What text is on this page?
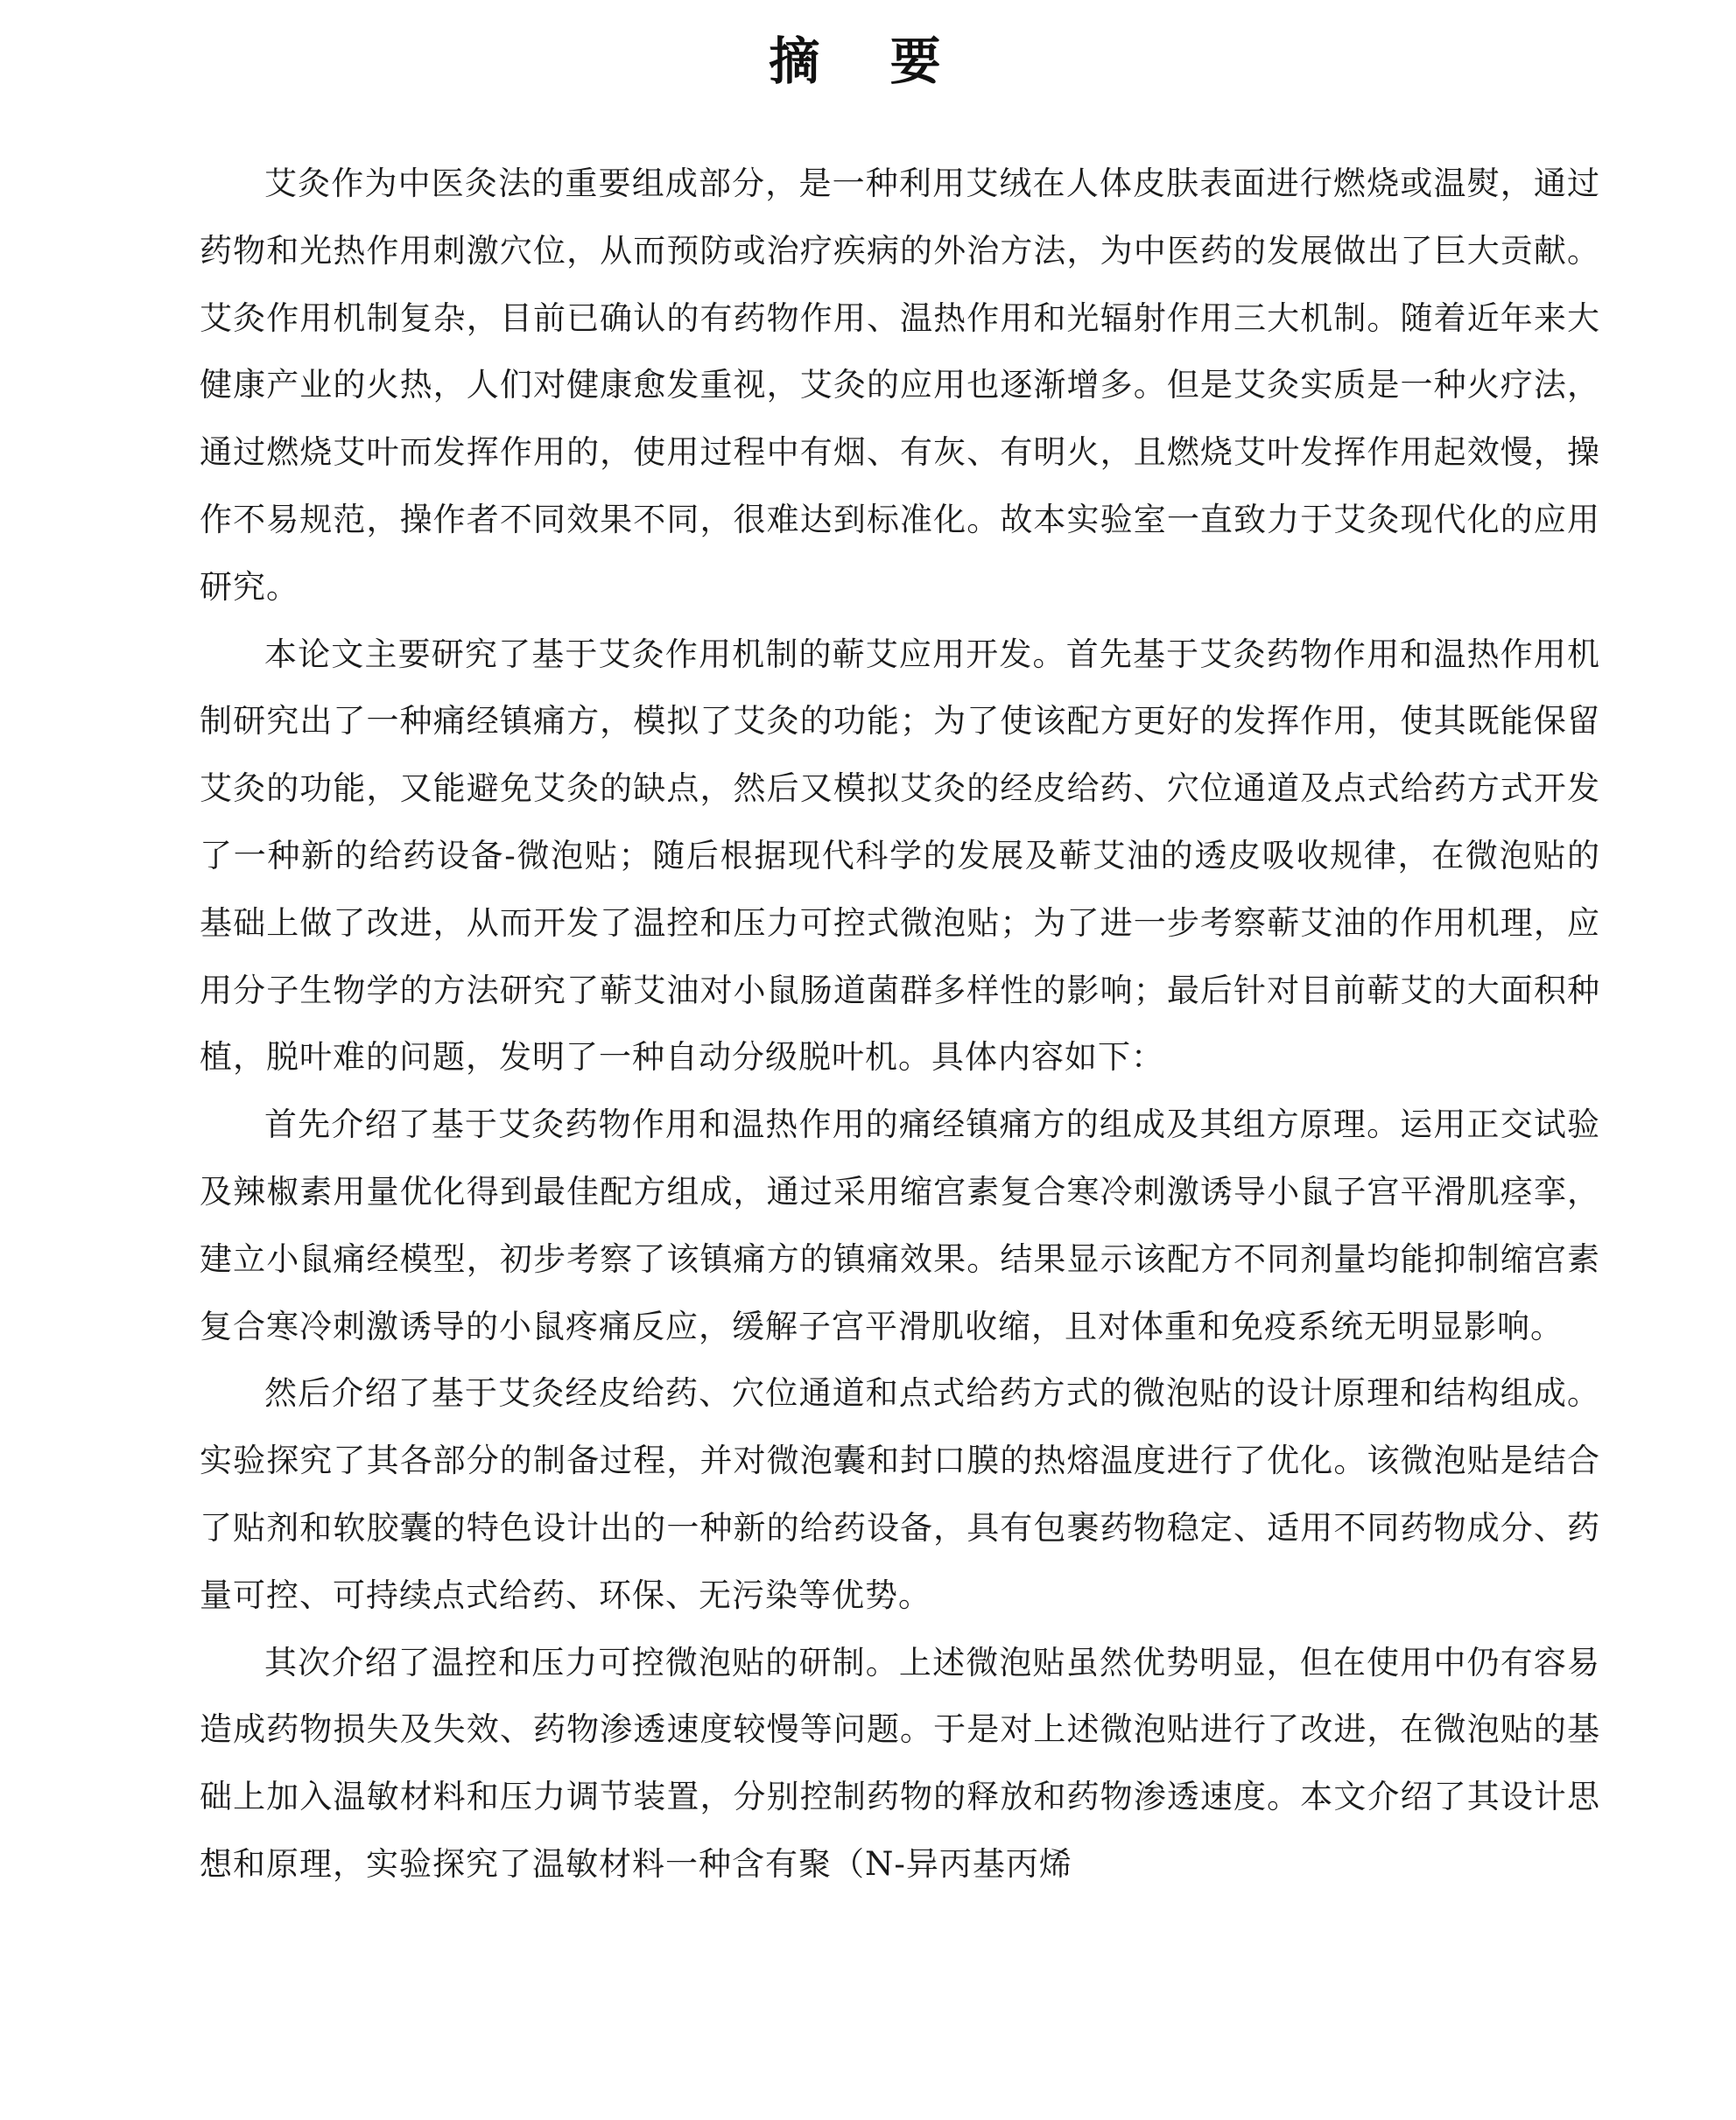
摘 要

艾灸作为中医灸法的重要组成部分，是一种利用艾绒在人体皮肤表面进行燃烧或温熨，通过药物和光热作用刺激穴位，从而预防或治疗疾病的外治方法，为中医药的发展做出了巨大贡献。艾灸作用机制复杂，目前已确认的有药物作用、温热作用和光辐射作用三大机制。随着近年来大健康产业的火热，人们对健康愈发重视，艾灸的应用也逐渐增多。但是艾灸实质是一种火疗法，通过燃烧艾叶而发挥作用的，使用过程中有烟、有灰、有明火，且燃烧艾叶发挥作用起效慢，操作不易规范，操作者不同效果不同，很难达到标准化。故本实验室一直致力于艾灸现代化的应用研究。

本论文主要研究了基于艾灸作用机制的蕲艾应用开发。首先基于艾灸药物作用和温热作用机制研究出了一种痛经镇痛方，模拟了艾灸的功能；为了使该配方更好的发挥作用，使其既能保留艾灸的功能，又能避免艾灸的缺点，然后又模拟艾灸的经皮给药、穴位通道及点式给药方式开发了一种新的给药设备-微泡贴；随后根据现代科学的发展及蕲艾油的透皮吸收规律，在微泡贴的基础上做了改进，从而开发了温控和压力可控式微泡贴；为了进一步考察蕲艾油的作用机理，应用分子生物学的方法研究了蕲艾油对小鼠肠道菌群多样性的影响；最后针对目前蕲艾的大面积种植，脱叶难的问题，发明了一种自动分级脱叶机。具体内容如下：

首先介绍了基于艾灸药物作用和温热作用的痛经镇痛方的组成及其组方原理。运用正交试验及辣椒素用量优化得到最佳配方组成，通过采用缩宫素复合寒冷刺激诱导小鼠子宫平滑肌痉挛，建立小鼠痛经模型，初步考察了该镇痛方的镇痛效果。结果显示该配方不同剂量均能抑制缩宫素复合寒冷刺激诱导的小鼠疼痛反应，缓解子宫平滑肌收缩，且对体重和免疫系统无明显影响。

然后介绍了基于艾灸经皮给药、穴位通道和点式给药方式的微泡贴的设计原理和结构组成。实验探究了其各部分的制备过程，并对微泡囊和封口膜的热熔温度进行了优化。该微泡贴是结合了贴剂和软胶囊的特色设计出的一种新的给药设备，具有包裹药物稳定、适用不同药物成分、药量可控、可持续点式给药、环保、无污染等优势。

其次介绍了温控和压力可控微泡贴的研制。上述微泡贴虽然优势明显，但在使用中仍有容易造成药物损失及失效、药物渗透速度较慢等问题。于是对上述微泡贴进行了改进，在微泡贴的基础上加入温敏材料和压力调节装置，分别控制药物的释放和药物渗透速度。本文介绍了其设计思想和原理，实验探究了温敏材料一种含有聚（N-异丙基丙烯
